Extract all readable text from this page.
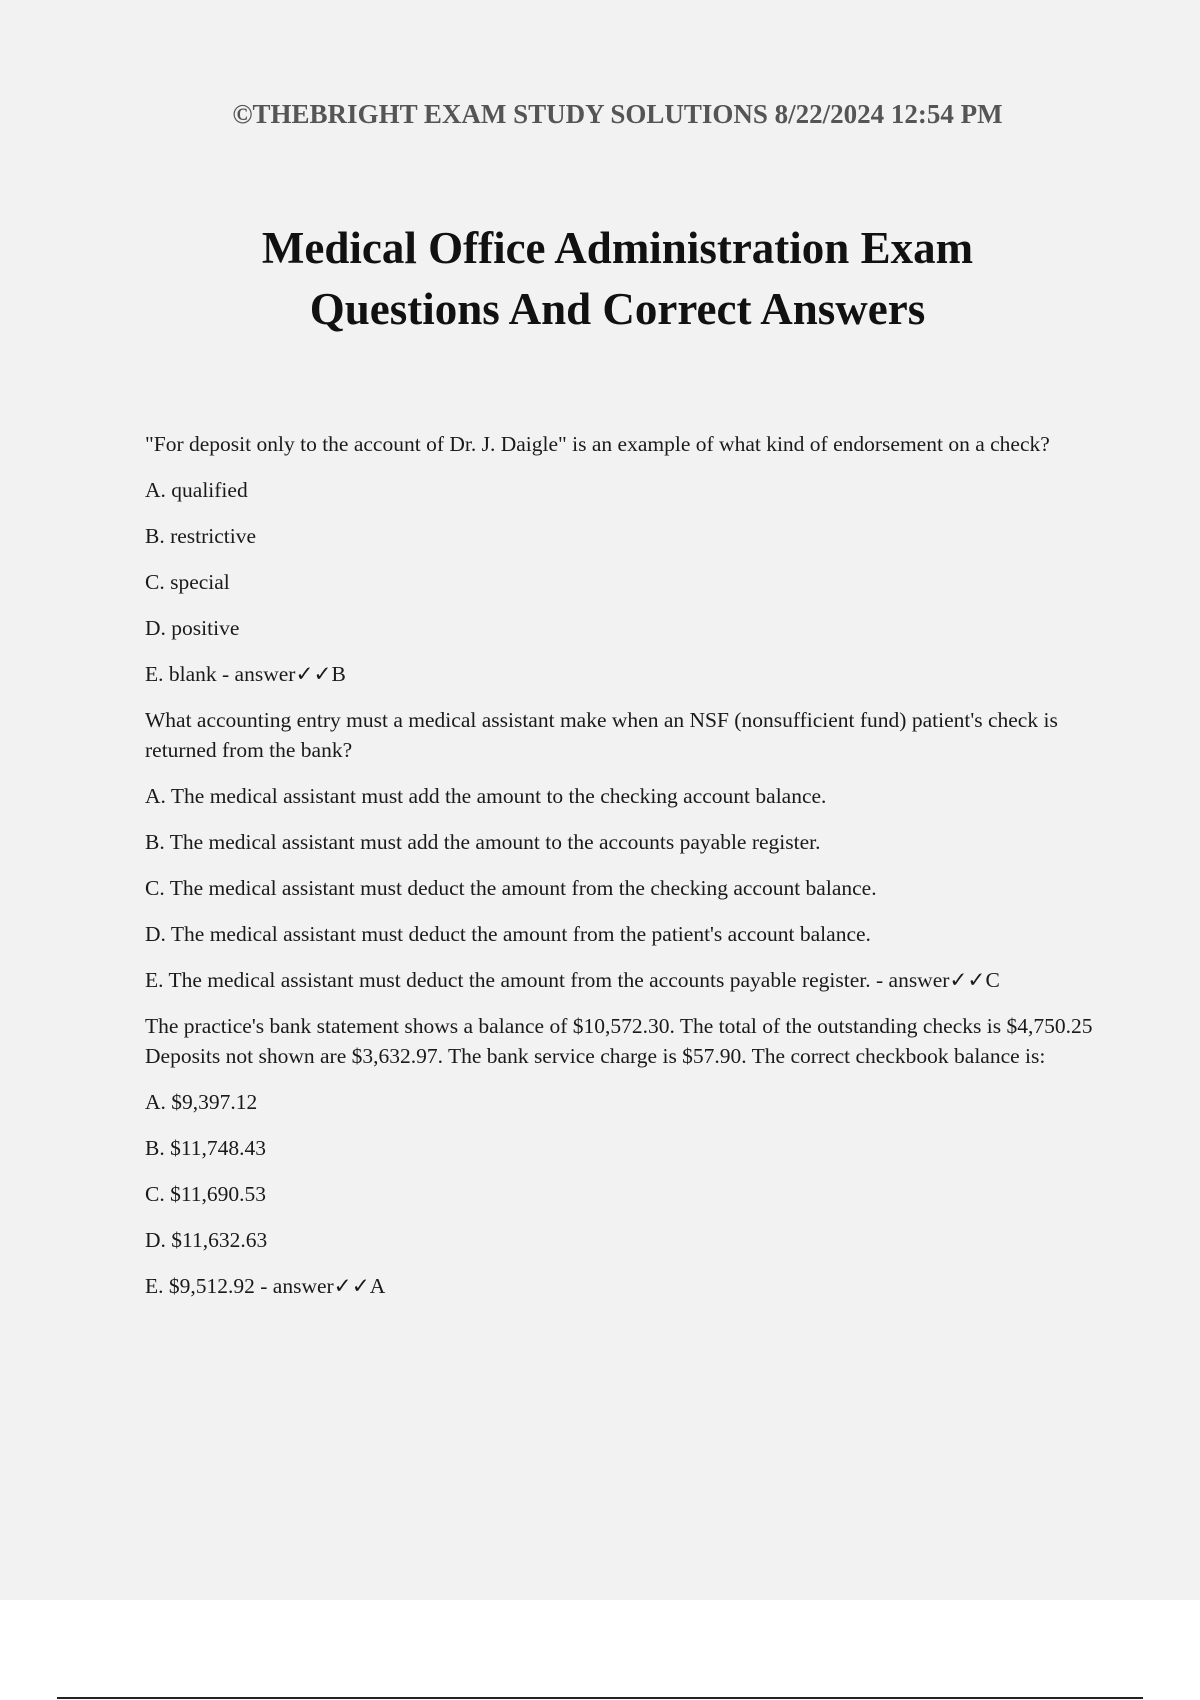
©THEBRIGHT EXAM STUDY SOLUTIONS 8/22/2024 12:54 PM
Medical Office Administration Exam
Questions And Correct Answers

"For deposit only to the account of Dr. J. Daigle" is an example of what kind of endorsement on a check?

A. qualified

B. restrictive

C. special

D. positive

E. blank - answer✓✓B

What accounting entry must a medical assistant make when an NSF (nonsufficient fund) patient's check is returned from the bank?

A. The medical assistant must add the amount to the checking account balance.

B. The medical assistant must add the amount to the accounts payable register.

C. The medical assistant must deduct the amount from the checking account balance.

D. The medical assistant must deduct the amount from the patient's account balance.

E. The medical assistant must deduct the amount from the accounts payable register. - answer✓✓C

The practice's bank statement shows a balance of $10,572.30. The total of the outstanding checks is $4,750.25 Deposits not shown are $3,632.97. The bank service charge is $57.90. The correct checkbook balance is:

A. $9,397.12

B. $11,748.43

C. $11,690.53

D. $11,632.63

E. $9,512.92 - answer✓✓A
